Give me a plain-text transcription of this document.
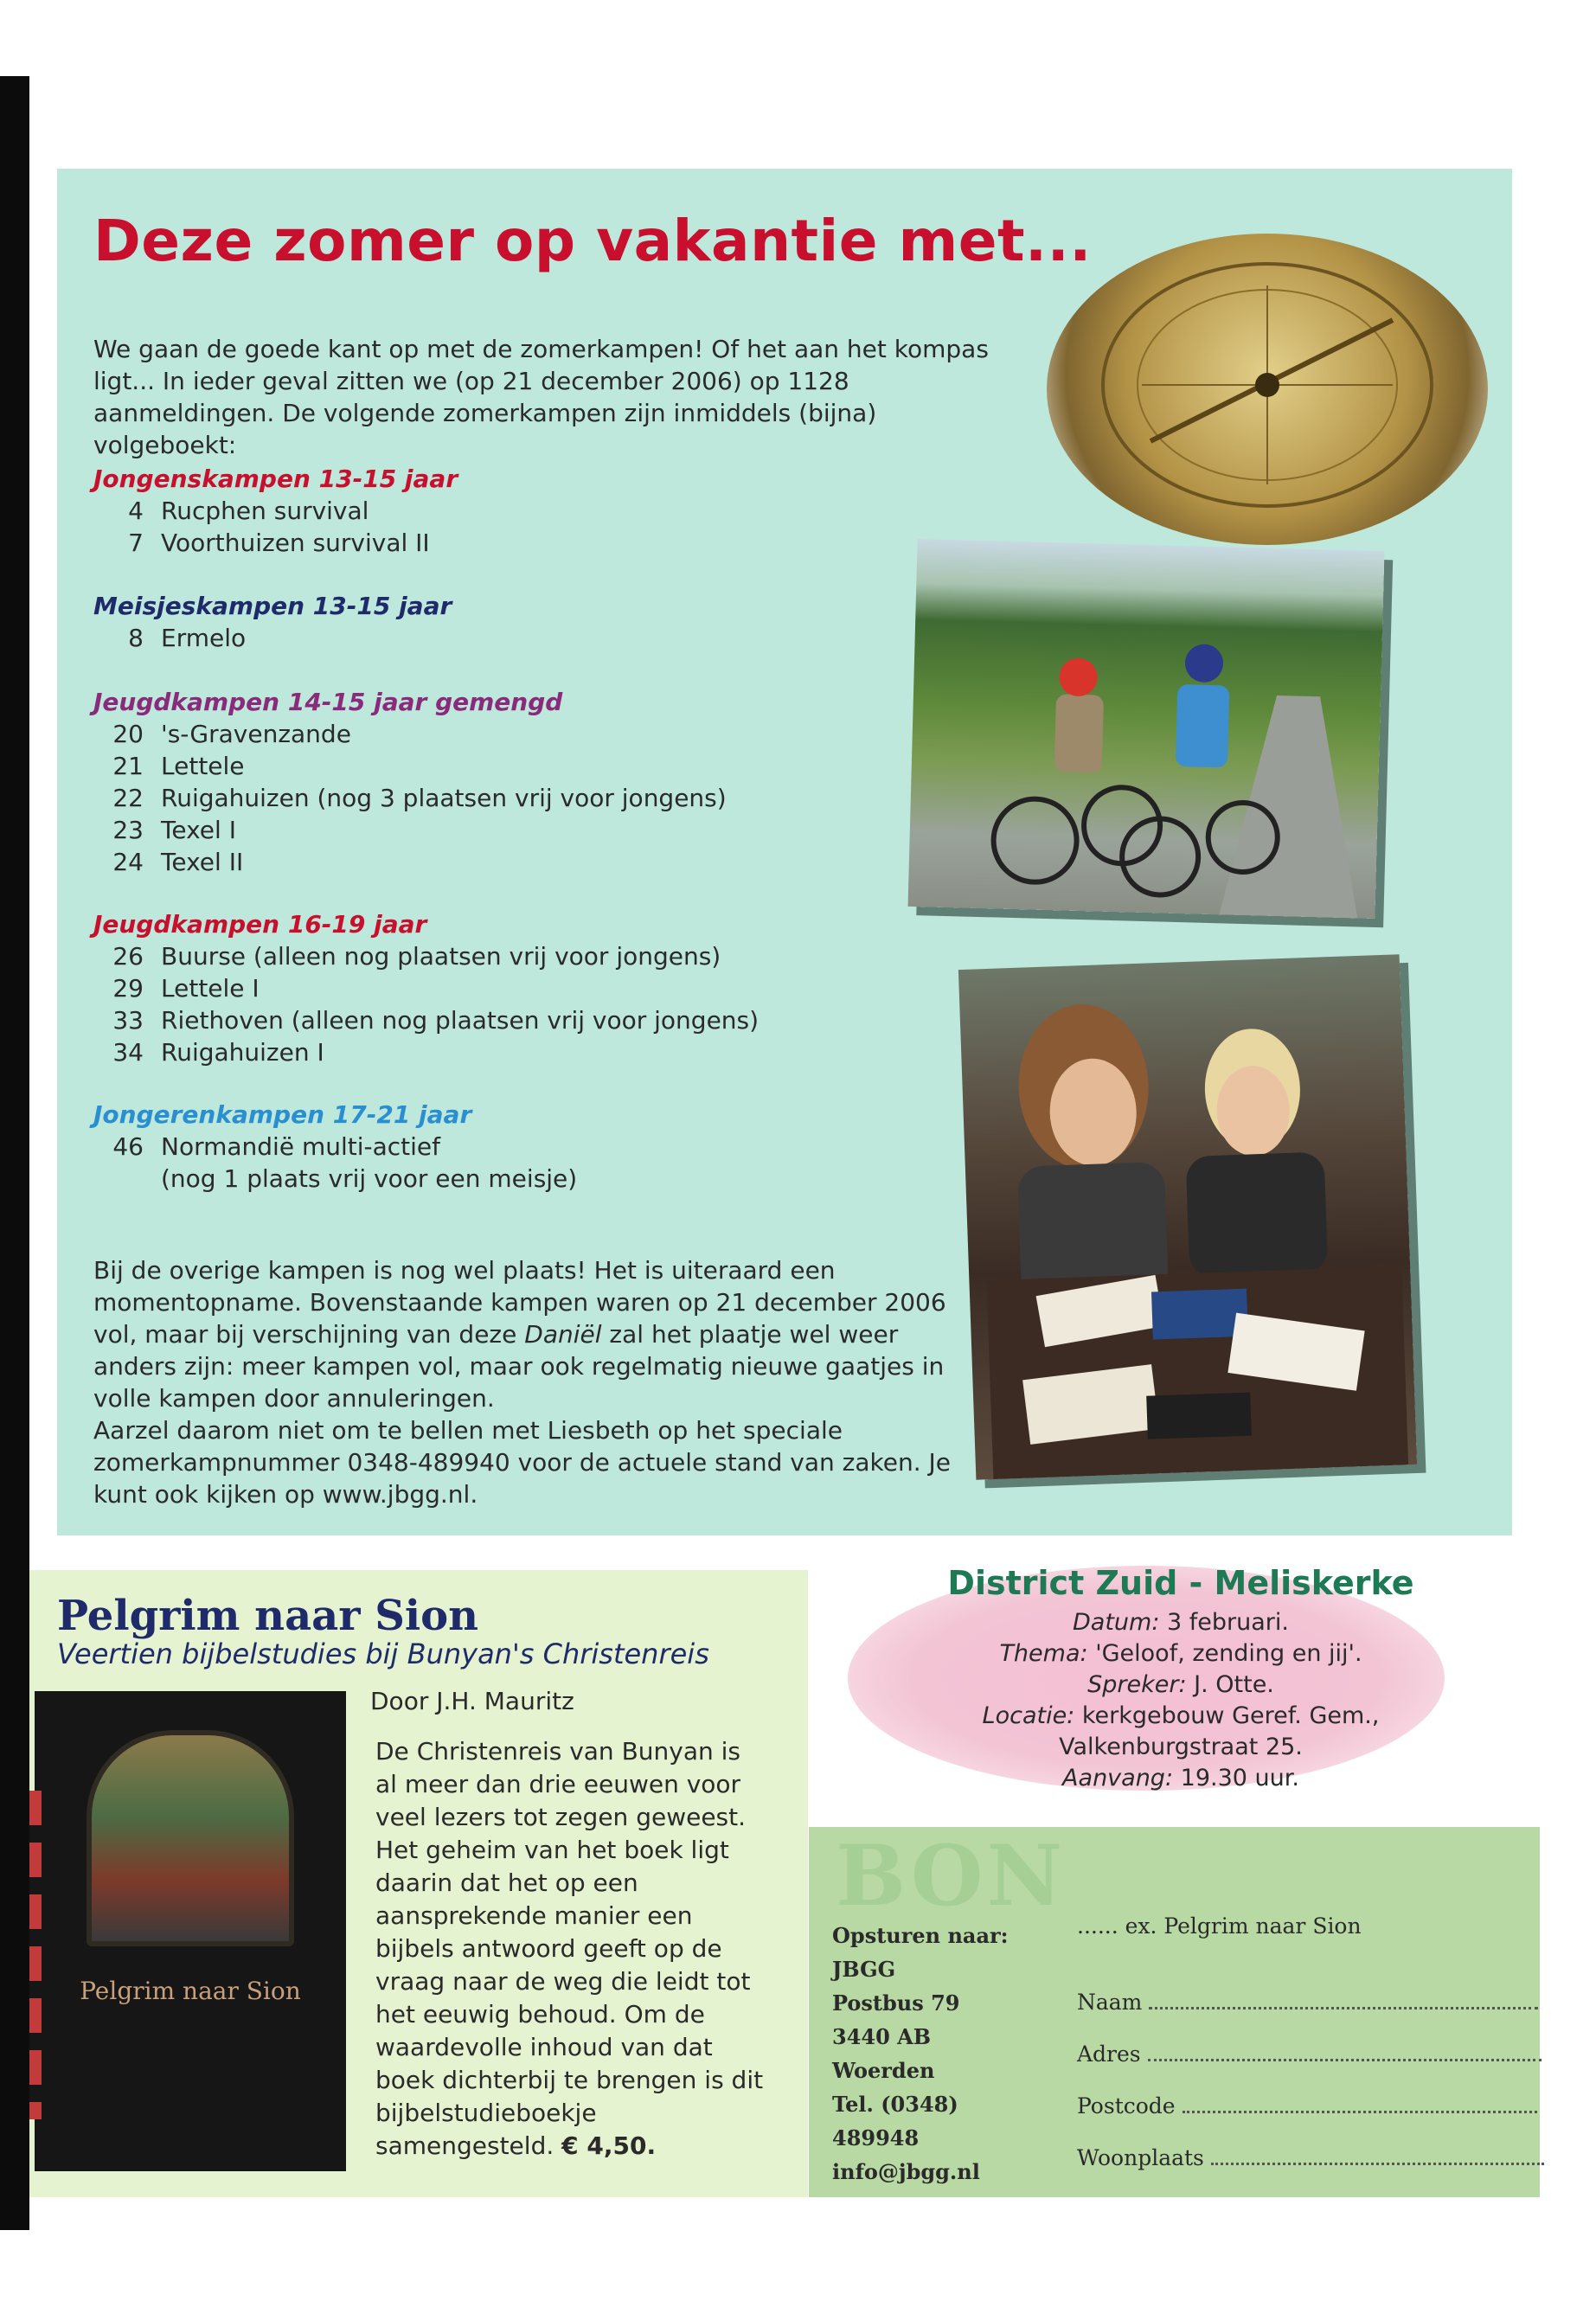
Deze zomer op vakantie met...

We gaan de goede kant op met de zomerkampen! Of het aan het kompas ligt... In ieder geval zitten we (op 21 december 2006) op 1128 aanmeldingen. De volgende zomerkampen zijn inmiddels (bijna) volgeboekt:

Jongenskampen 13-15 jaar
4 Rucphen survival
7 Voorthuizen survival II
Meisjeskampen 13-15 jaar
8 Ermelo
Jeugdkampen 14-15 jaar gemengd
20 's-Gravenzande
21 Lettele
22 Ruigahuizen (nog 3 plaatsen vrij voor jongens)
23 Texel I
24 Texel II
Jeugdkampen 16-19 jaar
26 Buurse (alleen nog plaatsen vrij voor jongens)
29 Lettele I
33 Riethoven (alleen nog plaatsen vrij voor jongens)
34 Ruigahuizen I
Jongerenkampen 17-21 jaar
46 Normandië multi-actief
(nog 1 plaats vrij voor een meisje)

Bij de overige kampen is nog wel plaats! Het is uiteraard een momentopname. Bovenstaande kampen waren op 21 december 2006 vol, maar bij verschijning van deze Daniël zal het plaatje wel weer anders zijn: meer kampen vol, maar ook regelmatig nieuwe gaatjes in volle kampen door annuleringen.

Aarzel daarom niet om te bellen met Liesbeth op het speciale zomerkampnummer 0348-489940 voor de actuele stand van zaken. Je kunt ook kijken op www.jbgg.nl.

Pelgrim naar Sion

Veertien bijbelstudies bij Bunyan's Christenreis

Pelgrim naar Sion

Door J.H. Mauritz

De Christenreis van Bunyan is al meer dan drie eeuwen voor veel lezers tot zegen geweest. Het geheim van het boek ligt daarin dat het op een aansprekende manier een bijbels antwoord geeft op de vraag naar de weg die leidt tot het eeuwig behoud. Om de waardevolle inhoud van dat boek dichterbij te brengen is dit bijbelstudieboekje samengesteld. € 4,50.

District Zuid - Meliskerke
Datum: 3 februari.
Thema: 'Geloof, zending en jij'.
Spreker: J. Otte.
Locatie: kerkgebouw Geref. Gem.,
Valkenburgstraat 25.
Aanvang: 19.30 uur.
BON
Opsturen naar:
JBGG
Postbus 79
3440 AB
Woerden
Tel. (0348)
489948
info@jbgg.nl
...... ex. Pelgrim naar Sion
Naam
Adres
Postcode
Woonplaats
